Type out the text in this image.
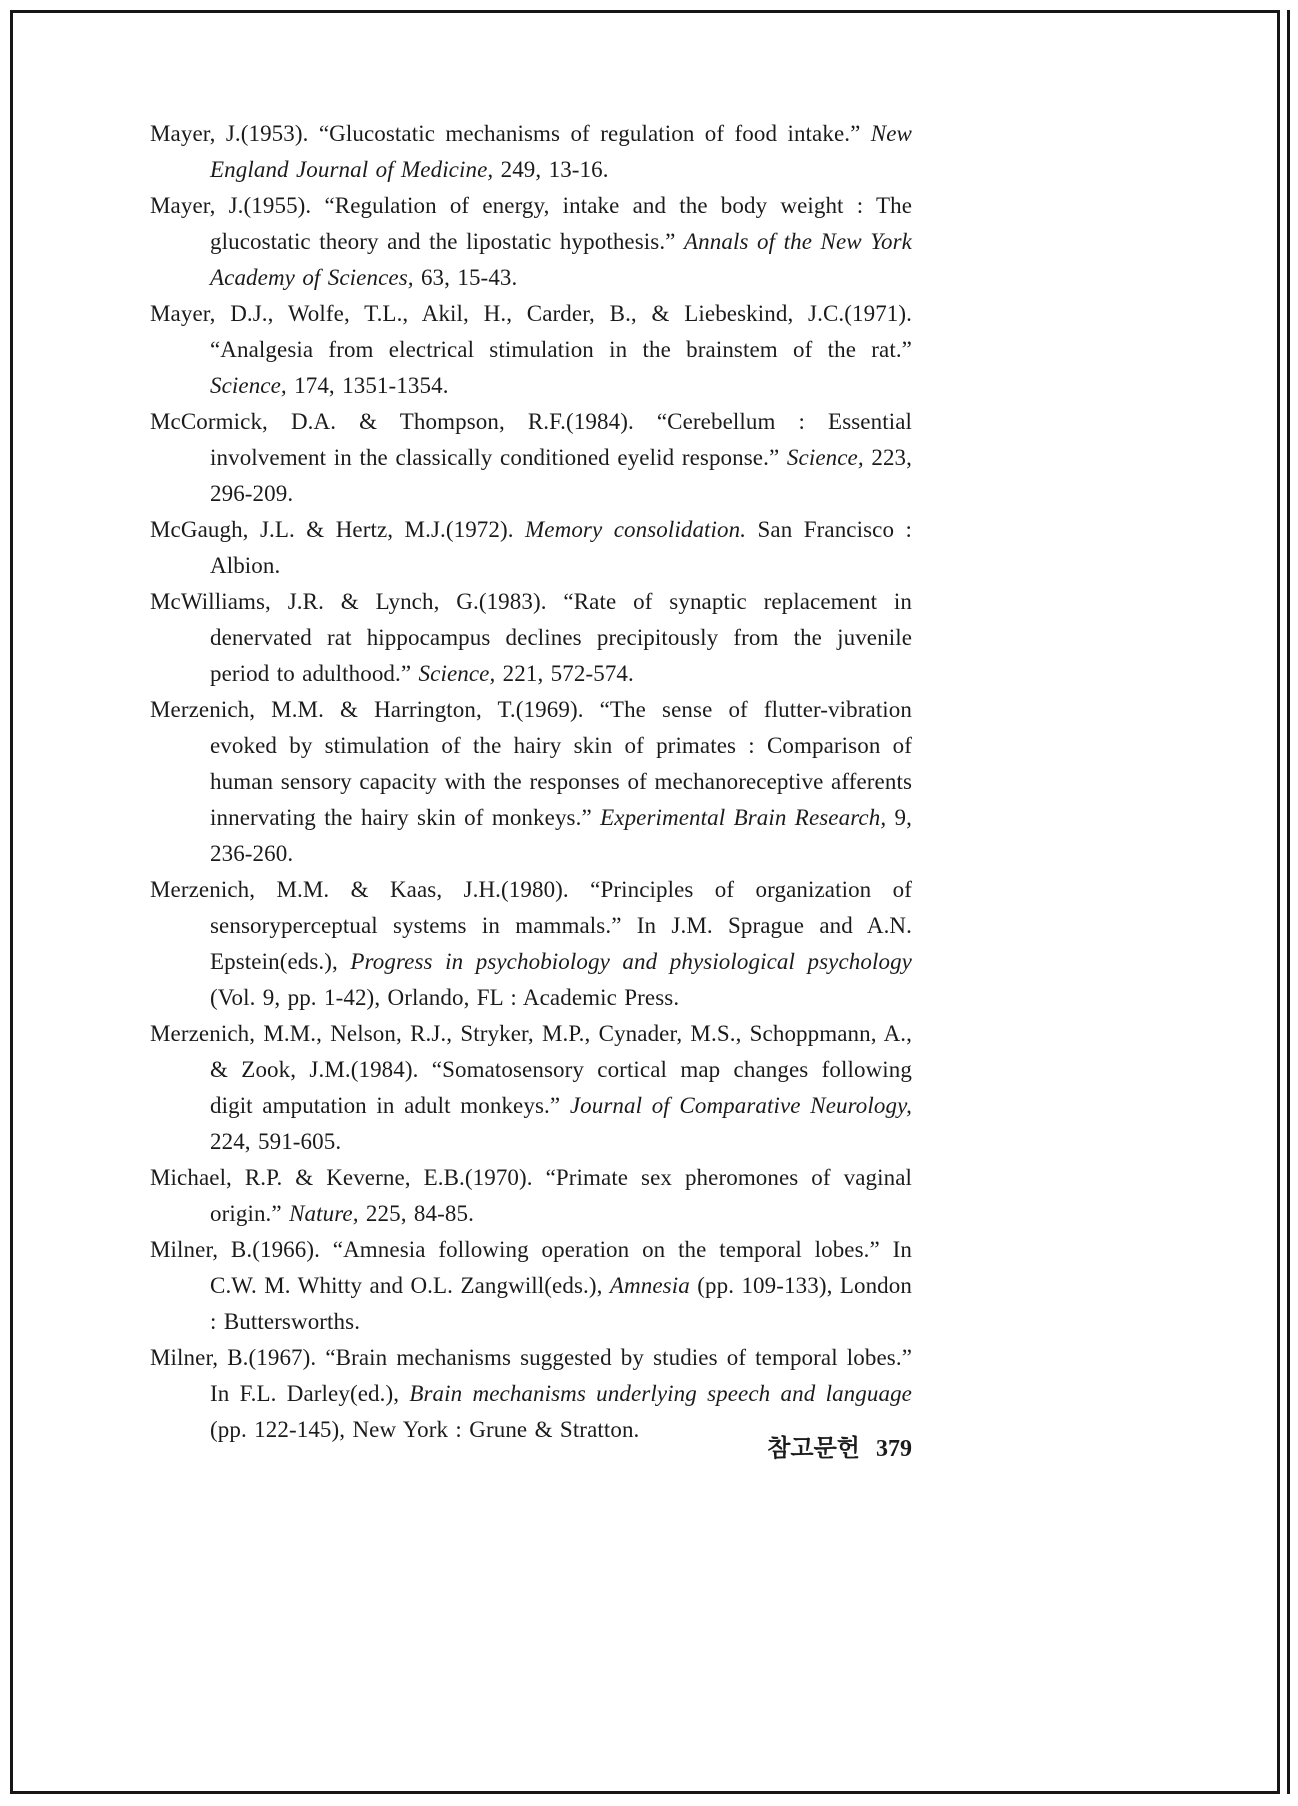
Mayer, J.(1953). “Glucostatic mechanisms of regulation of food intake.” New England Journal of Medicine, 249, 13-16.

Mayer, J.(1955). “Regulation of energy, intake and the body weight : The glucostatic theory and the lipostatic hypothesis.” Annals of the New York Academy of Sciences, 63, 15-43.

Mayer, D.J., Wolfe, T.L., Akil, H., Carder, B., & Liebeskind, J.C.(1971). “Analgesia from electrical stimulation in the brainstem of the rat.” Science, 174, 1351-1354.

McCormick, D.A. & Thompson, R.F.(1984). “Cerebellum : Essential involvement in the classically conditioned eyelid response.” Science, 223, 296-209.

McGaugh, J.L. & Hertz, M.J.(1972). Memory consolidation. San Francisco : Albion.

McWilliams, J.R. & Lynch, G.(1983). “Rate of synaptic replacement in denervated rat hippocampus declines precipitously from the juvenile period to adulthood.” Science, 221, 572-574.

Merzenich, M.M. & Harrington, T.(1969). “The sense of flutter-vibration evoked by stimulation of the hairy skin of primates : Comparison of human sensory capacity with the responses of mechanoreceptive afferents innervating the hairy skin of monkeys.” Experimental Brain Research, 9, 236-260.

Merzenich, M.M. & Kaas, J.H.(1980). “Principles of organization of sensoryperceptual systems in mammals.” In J.M. Sprague and A.N. Epstein(eds.), Progress in psychobiology and physiological psychology (Vol. 9, pp. 1-42), Orlando, FL : Academic Press.

Merzenich, M.M., Nelson, R.J., Stryker, M.P., Cynader, M.S., Schoppmann, A., & Zook, J.M.(1984). “Somatosensory cortical map changes following digit amputation in adult monkeys.” Journal of Comparative Neurology, 224, 591-605.

Michael, R.P. & Keverne, E.B.(1970). “Primate sex pheromones of vaginal origin.” Nature, 225, 84-85.

Milner, B.(1966). “Amnesia following operation on the temporal lobes.” In C.W. M. Whitty and O.L. Zangwill(eds.), Amnesia (pp. 109-133), London : Buttersworths.

Milner, B.(1967). “Brain mechanisms suggested by studies of temporal lobes.” In F.L. Darley(ed.), Brain mechanisms underlying speech and language (pp. 122-145), New York : Grune & Stratton.

참고문헌 379
